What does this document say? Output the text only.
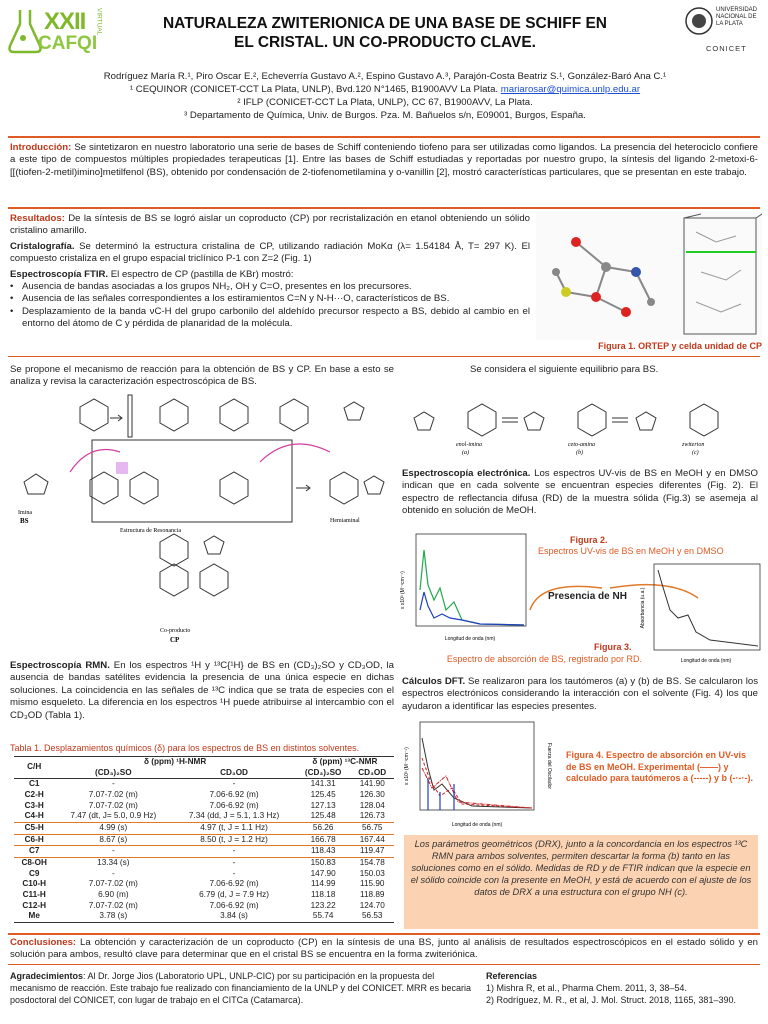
XXII
CAFQI
VIRTUAL	NATURALEZA ZWITERIONICA DE UNA BASE DE SCHIFF EN
EL CRISTAL. UN CO-PRODUCTO CLAVE.
UNIVERSIDAD NACIONAL DE LA PLATA
CONICET
Rodríguez María R.¹, Piro Oscar E.², Echeverría Gustavo A.², Espino Gustavo A.³, Parajón-Costa Beatriz S.¹, González-Baró Ana C.¹
¹ CEQUINOR (CONICET-CCT La Plata, UNLP), Bvd.120 N°1465, B1900AVV La Plata. mariarosar@quimica.unlp.edu.ar
² IFLP (CONICET-CCT La Plata, UNLP), CC 67, B1900AVV, La Plata.
³ Departamento de Química, Univ. de Burgos. Pza. M. Bañuelos s/n, E09001, Burgos, España.
Introducción: Se sintetizaron en nuestro laboratorio una serie de bases de Schiff conteniendo tiofeno para ser utilizadas como ligandos. La presencia del heterociclo confiere a este tipo de compuestos múltiples propiedades terapeuticas [1]. Entre las bases de Schiff estudiadas y reportadas por nuestro grupo, la síntesis del ligando 2-metoxi-6-[[(tiofen-2-metil)imino]metilfenol (BS), obtenido por condensación de 2-tiofenometilamina y o-vanillin [2], mostró características particulares, que se presentan en este trabajo.
Resultados: De la síntesis de BS se logró aislar un coproducto (CP) por recristalización en etanol obteniendo un sólido cristalino amarillo.
Cristalografía. Se determinó la estructura cristalina de CP, utilizando radiación MoKα (λ= 1.54184 Å, T= 297 K). El compuesto cristaliza en el grupo espacial triclínico P-1 con Z=2 (Fig. 1)
Espectroscopía FTIR. El espectro de CP (pastilla de KBr) mostró:
• Ausencia de bandas asociadas a los grupos NH₂, OH y C=O, presentes en los precursores.
• Ausencia de las señales correspondientes a los estiramientos C=N y N-H···O, característicos de BS.
• Desplazamiento de la banda νC-H del grupo carbonilo del aldehído precursor respecto a BS, debido al cambio en el entorno del átomo de C y pérdida de planaridad de la molécula.
Figura 1. ORTEP y celda unidad de CP
Se propone el mecanismo de reacción para la obtención de BS y CP. En base a esto se analiza y revisa la caracterización espectroscópica de BS.
Imina
BS
Estructura de Resonancia
Hemiaminal
Co-producto
CP
Se considera el siguiente equilibrio para BS.
enol-imina
(a)
ceto-amina
(b)
zwiterion
(c)
Espectroscopía electrónica. Los espectros UV-vis de BS en MeOH y en DMSO indican que en cada solvente se encuentran especies diferentes (Fig. 2). El espectro de reflectancia difusa (RD) de la muestra sólida (Fig.3) se asemeja al obtenido en solución de MeOH.
Longitud de onda (nm)
ε x10³ (M⁻¹cm⁻¹)
Figura 2.
Espectros UV-vis de BS en MeOH y en DMSO
Presencia de NH
Longitud de onda (nm)
Absorbancia (u.a.)
Figura 3.
Espectro de absorción de BS, registrado por RD.
Espectroscopía RMN. En los espectros ¹H y ¹³C{¹H} de BS en (CD₃)₂SO y CD₃OD, la ausencia de bandas satélites evidencia la presencia de una única especie en dichas soluciones. La coincidencia en las señales de ¹³C indica que se trata de especies con el mismo esqueleto. La diferencia en los espectros ¹H puede atribuirse al intercambio con el CD₃OD (Tabla 1).
Tabla 1. Desplazamientos químicos (δ) para los espectros de BS en distintos solventes.
C/H	δ (ppm) ¹H-NMR		δ (ppm) ¹³C-NMR	
	(CD₃)₂SO	CD₃OD	(CD₃)₂SO	CD₃OD
C1	-	-	141.31	141.90
C2-H	7.07-7.02 (m)	7.06-6.92 (m)	125.45	126.30
C3-H	7.07-7.02 (m)	7.06-6.92 (m)	127.13	128.04
C4-H	7.47 (dt, J= 5.0, 0.9 Hz)	7.34 (dd, J = 5.1, 1.3 Hz)	125.48	126.73
C5-H	4.99 (s)	4.97 (t, J = 1.1 Hz)	56.26	56.75
C6-H	8.67 (s)	8.50 (t, J = 1.2 Hz)	166.78	167.44
C7	-	-	118.43	119.47
C8-OH	13.34 (s)	-	150.83	154.78
C9	-	-	147.90	150.03
C10-H	7.07-7.02 (m)	7.06-6.92 (m)	114.99	115.90
C11-H	6.90 (m)	6.79 (d, J = 7.9 Hz)	118.18	118.89
C12-H	7.07-7.02 (m)	7.06-6.92 (m)	123.22	124.70
Me	3.78 (s)	3.84 (s)	55.74	56.53
Cálculos DFT. Se realizaron para los tautómeros (a) y (b) de BS. Se calcularon los espectros electrónicos considerando la interacción con el solvente (Fig. 4) los que ayudaron a identificar las especies presentes.
Longitud de onda (nm)
ε x10³ (M⁻¹cm⁻¹)	Fuerza del Oscilador Figura 4. Espectro de absorción en UV-vis de BS en MeOH. Experimental (——) y calculado para tautómeros a (-----) y b (-·-·-).
Los parámetros geométricos (DRX), junto a la concordancia en los espectros ¹³C RMN para ambos solventes, permiten descartar la forma (b) tanto en las soluciones como en el sólido. Medidas de RD y de FTIR indican que la especie en el sólido coincide con la presente en MeOH, y está de acuerdo con el ajuste de los datos de DRX a una estructura con el grupo NH (c).
Conclusiones: La obtención y caracterización de un coproducto (CP) en la síntesis de una BS, junto al análisis de resultados espectroscópicos en el estado sólido y en solución para ambos, resultó clave para determinar que en el cristal BS se encuentra en la forma zwiteriónica.
Agradecimientos: Al Dr. Jorge Jios (Laboratorio UPL, UNLP-CIC) por su participación en la propuesta del mecanismo de reacción. Este trabajo fue realizado con financiamiento de la UNLP y del CONICET. MRR es becaria posdoctoral del CONICET, con lugar de trabajo en el CITCa (Catamarca).
Referencias
1) Mishra R, et al., Pharma Chem. 2011, 3, 38–54.
2) Rodríguez, M. R., et al, J. Mol. Struct. 2018, 1165, 381–390.
